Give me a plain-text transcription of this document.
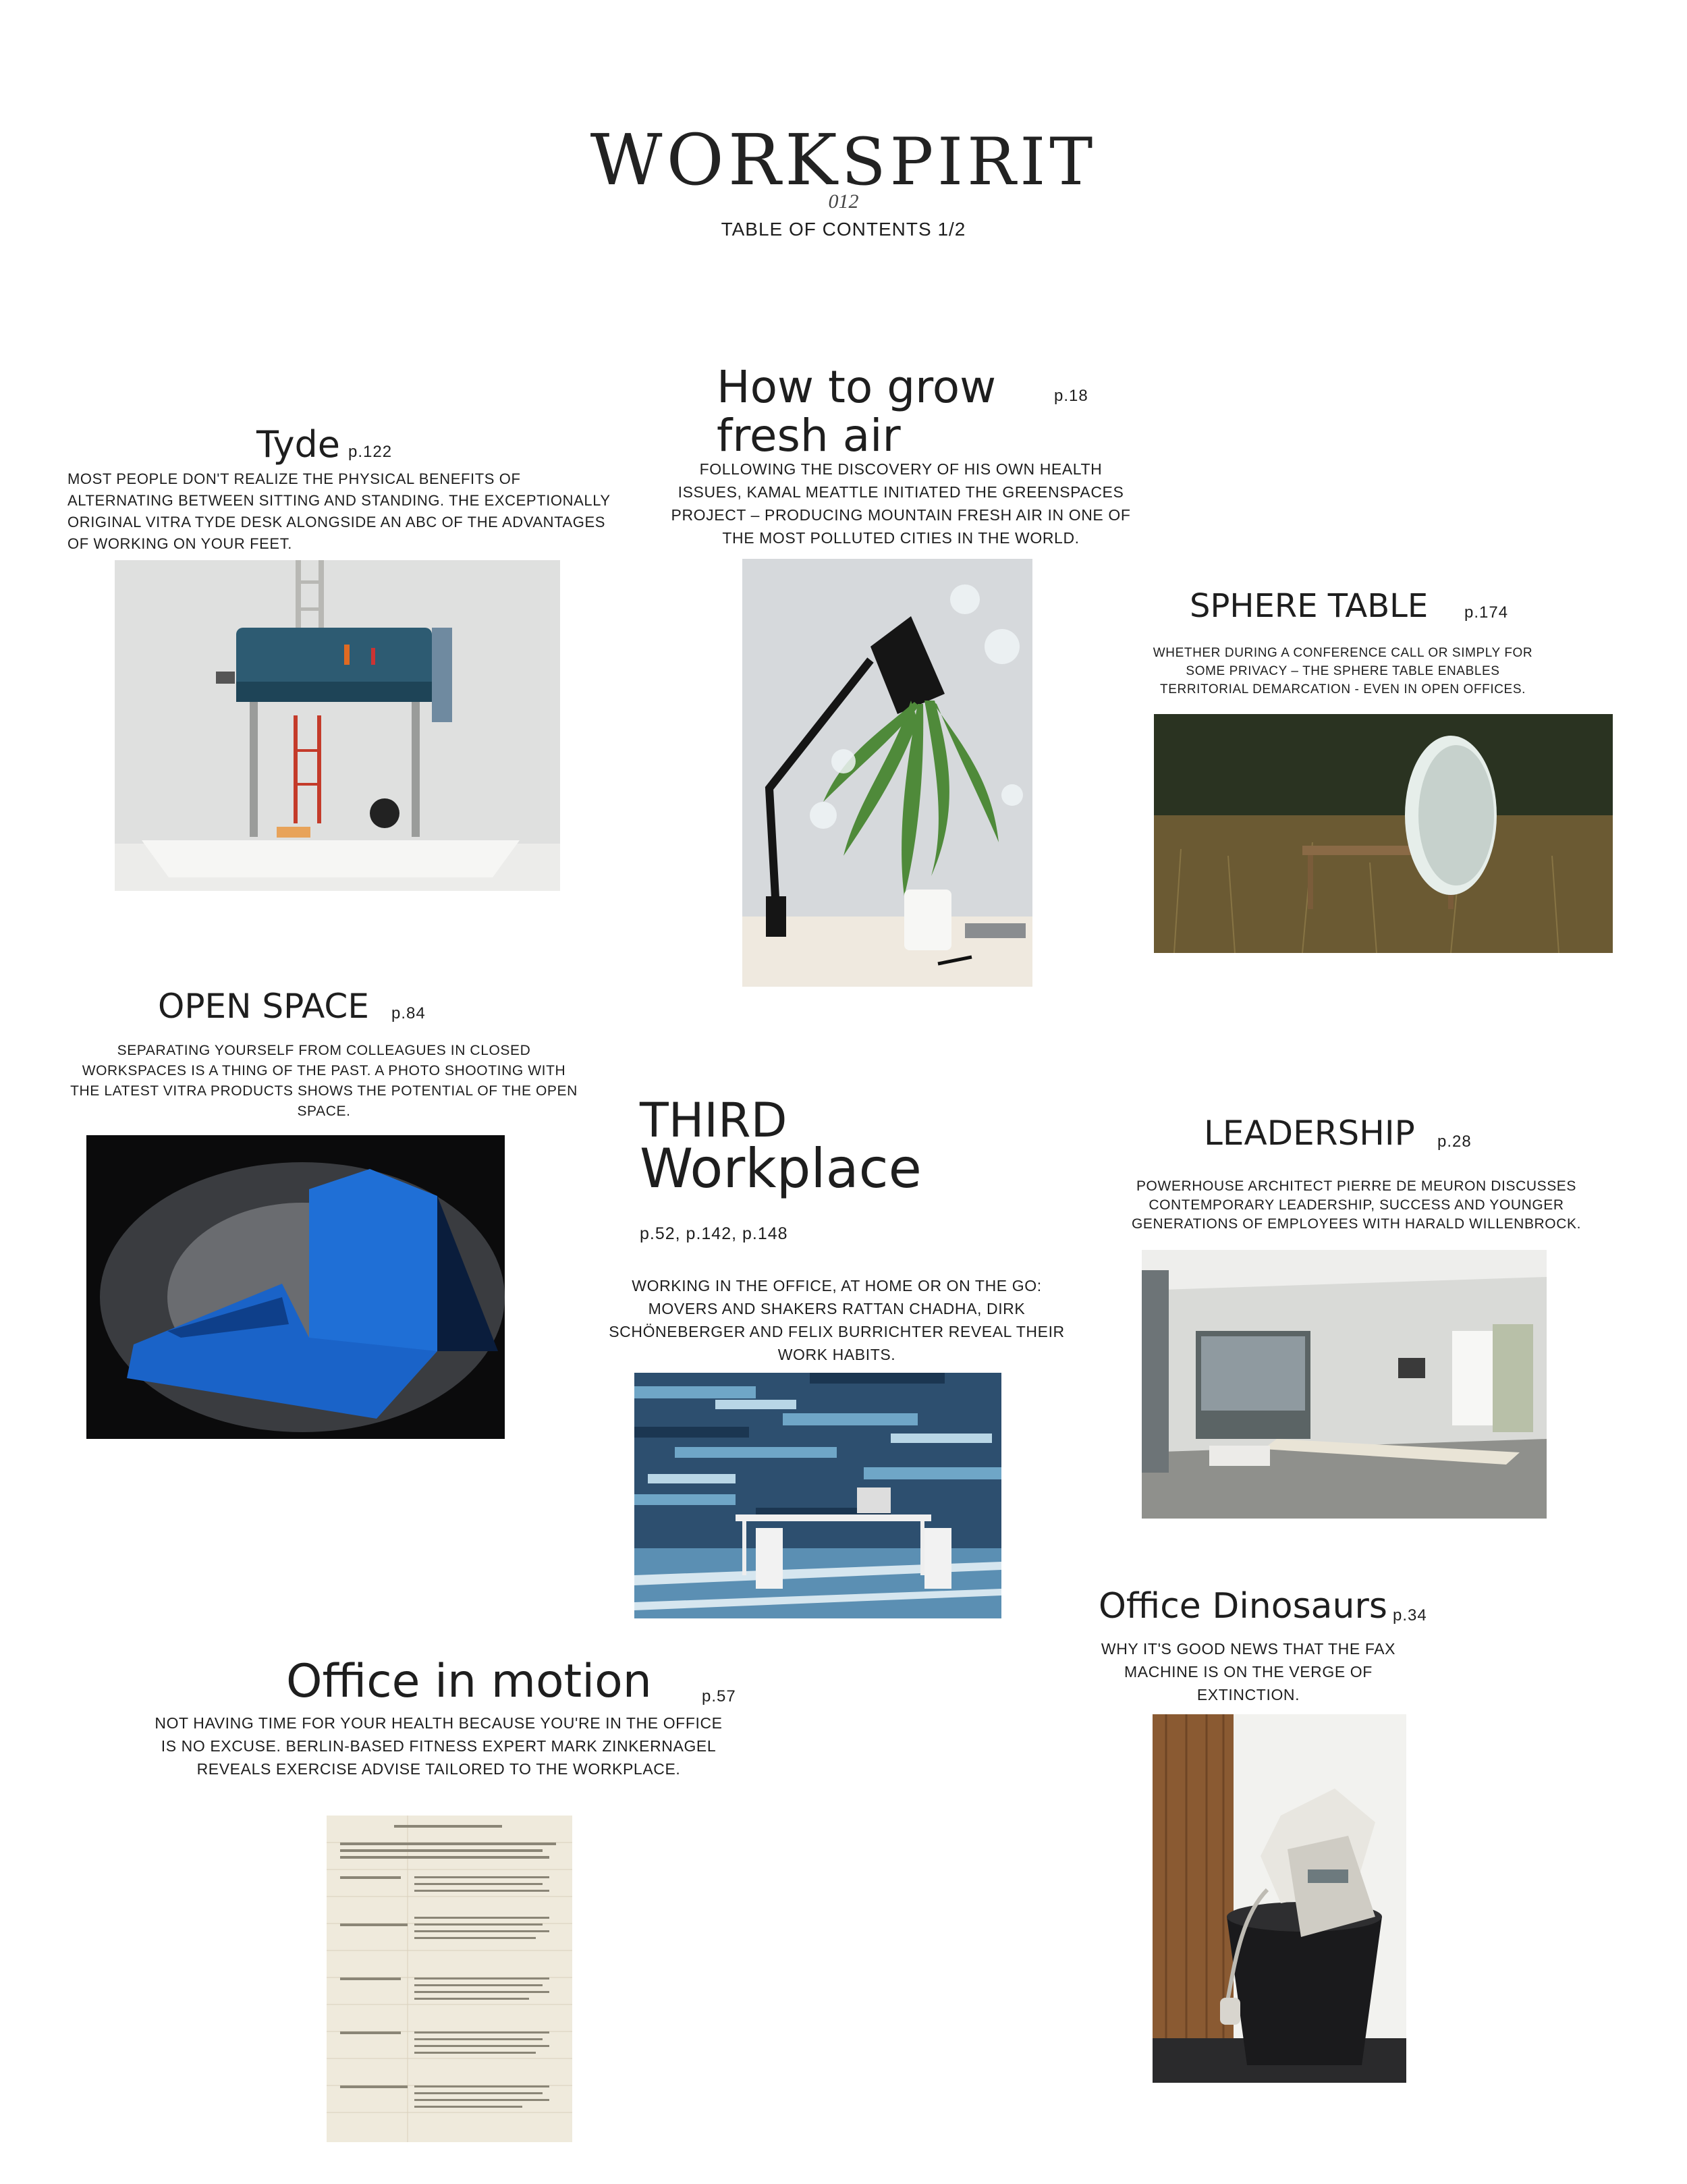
WORKSPIRIT
012
TABLE OF CONTENTS 1/2
Tyde p.122
MOST PEOPLE DON'T REALIZE THE PHYSICAL BENEFITS OF ALTERNATING BETWEEN SITTING AND STANDING. THE EXCEPTIONALLY ORIGINAL VITRA TYDE DESK ALONGSIDE AN ABC OF THE ADVANTAGES OF WORKING ON YOUR FEET.
How to grow
fresh air
p.18
FOLLOWING THE DISCOVERY OF HIS OWN HEALTH ISSUES, KAMAL MEATTLE INITIATED THE GREENSPACES PROJECT – PRODUCING MOUNTAIN FRESH AIR IN ONE OF THE MOST POLLUTED CITIES IN THE WORLD.
SPHERE TABLE p.174
WHETHER DURING A CONFERENCE CALL OR SIMPLY FOR SOME PRIVACY – THE SPHERE TABLE ENABLES TERRITORIAL DEMARCATION - EVEN IN OPEN OFFICES.
OPEN SPACE p.84
SEPARATING YOURSELF FROM COLLEAGUES IN CLOSED WORKSPACES IS A THING OF THE PAST. A PHOTO SHOOTING WITH THE LATEST VITRA PRODUCTS SHOWS THE POTENTIAL OF THE OPEN SPACE.	THIRD
Workplace
p.52, p.142, p.148
WORKING IN THE OFFICE, AT HOME OR ON THE GO: MOVERS AND SHAKERS RATTAN CHADHA, DIRK SCHÖNEBERGER AND FELIX BURRICHTER REVEAL THEIR WORK HABITS.
LEADERSHIP p.28
POWERHOUSE ARCHITECT PIERRE DE MEURON DISCUSSES CONTEMPORARY LEADERSHIP, SUCCESS AND YOUNGER GENERATIONS OF EMPLOYEES WITH HARALD WILLENBROCK.
Office Dinosaurs p.34
WHY IT'S GOOD NEWS THAT THE FAX MACHINE IS ON THE VERGE OF EXTINCTION.
Office in motion	p.57
NOT HAVING TIME FOR YOUR HEALTH BECAUSE YOU'RE IN THE OFFICE IS NO EXCUSE. BERLIN-BASED FITNESS EXPERT MARK ZINKERNAGEL REVEALS EXERCISE ADVISE TAILORED TO THE WORKPLACE.
